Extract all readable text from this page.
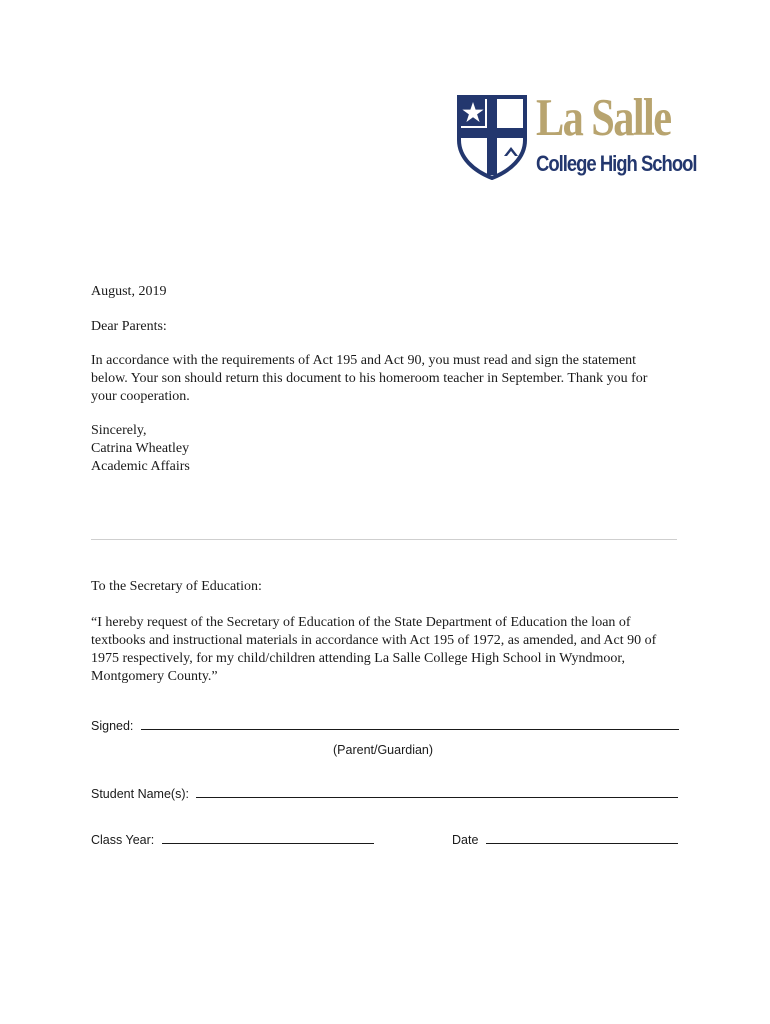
La Salle
College High School
August, 2019
Dear Parents:
In accordance with the requirements of Act 195 and Act 90, you must read and sign the statement below. Your son should return this document to his homeroom teacher in September. Thank you for your cooperation.
Sincerely,
Catrina Wheatley
Academic Affairs
To the Secretary of Education:
“I hereby request of the Secretary of Education of the State Department of Education the loan of textbooks and instructional materials in accordance with Act 195 of 1972, as amended, and Act 90 of 1975 respectively, for my child/children attending La Salle College High School in Wyndmoor, Montgomery County.”
Signed:
(Parent/Guardian)
Student Name(s):
Class Year:	Date
